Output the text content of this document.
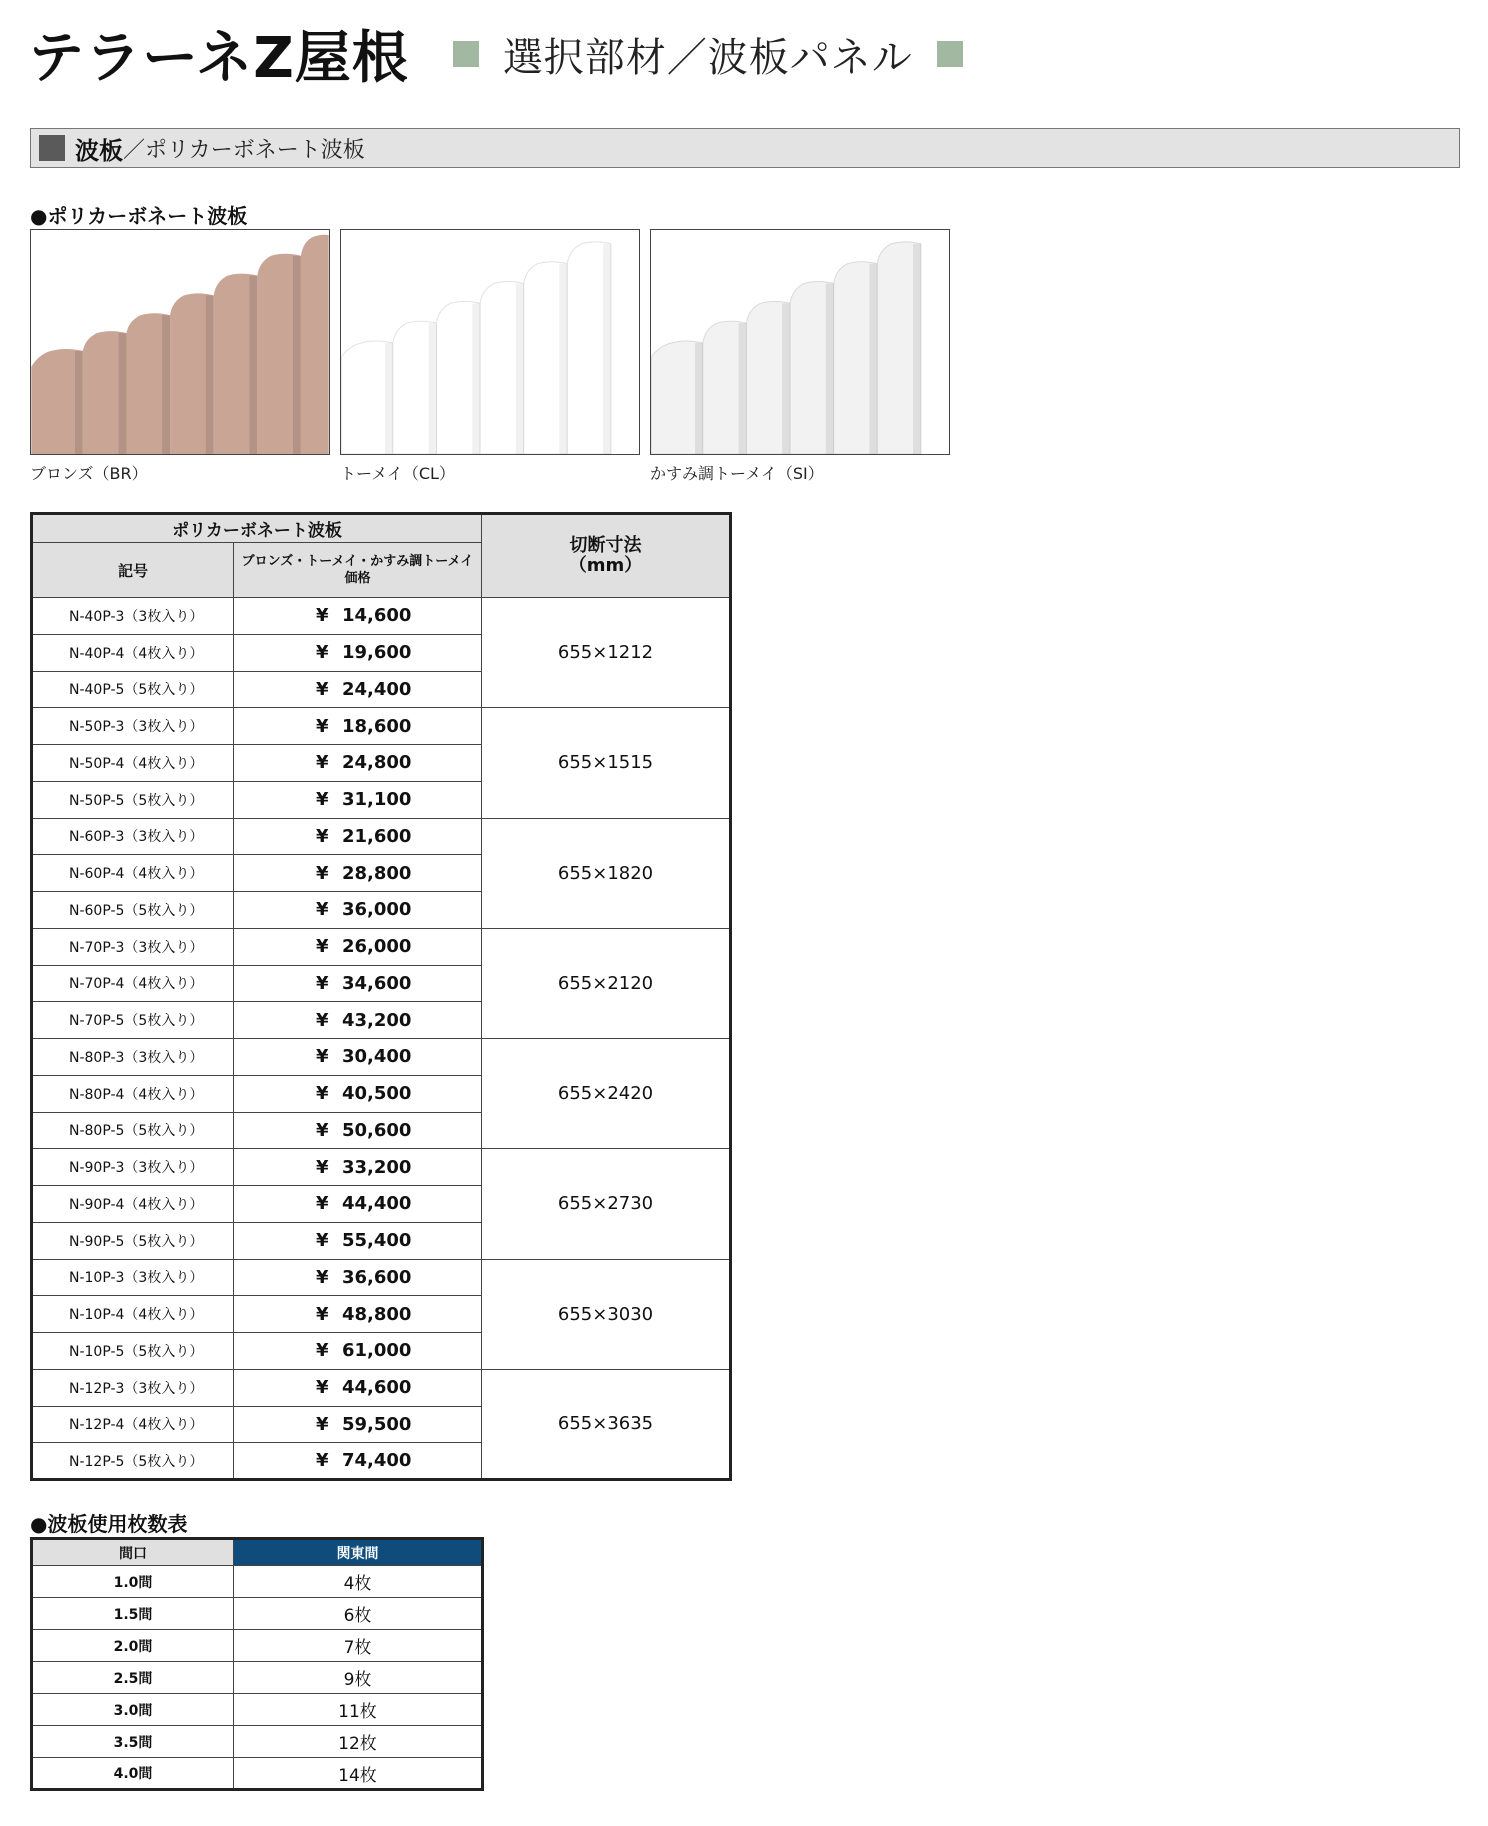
テラーネZ屋根 選択部材／波板パネル
波板 ／ポリカーボネート波板
●ポリカーボネート波板
ブロンズ（BR）	トーメイ（CL）	かすみ調トーメイ（SI）
ポリカーボネート波板		切断寸法
（mm）

記号	ブロンズ・トーメイ・かすみ調トーメイ
価格	

N-40P-3（3枚入り）	¥ 14,600	655×1212
N-40P-4（4枚入り）	¥ 19,600	
N-40P-5（5枚入り）	¥ 24,400	
N-50P-3（3枚入り）	¥ 18,600	655×1515
N-50P-4（4枚入り）	¥ 24,800	
N-50P-5（5枚入り）	¥ 31,100	
N-60P-3（3枚入り）	¥ 21,600	655×1820
N-60P-4（4枚入り）	¥ 28,800	
N-60P-5（5枚入り）	¥ 36,000	
N-70P-3（3枚入り）	¥ 26,000	655×2120
N-70P-4（4枚入り）	¥ 34,600	
N-70P-5（5枚入り）	¥ 43,200	
N-80P-3（3枚入り）	¥ 30,400	655×2420
N-80P-4（4枚入り）	¥ 40,500	
N-80P-5（5枚入り）	¥ 50,600	
N-90P-3（3枚入り）	¥ 33,200	655×2730
N-90P-4（4枚入り）	¥ 44,400	
N-90P-5（5枚入り）	¥ 55,400	
N-10P-3（3枚入り）	¥ 36,600	655×3030
N-10P-4（4枚入り）	¥ 48,800	
N-10P-5（5枚入り）	¥ 61,000	
N-12P-3（3枚入り）	¥ 44,600	655×3635
N-12P-4（4枚入り）	¥ 59,500	
N-12P-5（5枚入り）	¥ 74,400	
●波板使用枚数表
間口	関東間
1.0間	4枚
1.5間	6枚
2.0間	7枚
2.5間	9枚
3.0間	11枚
3.5間	12枚
4.0間	14枚
